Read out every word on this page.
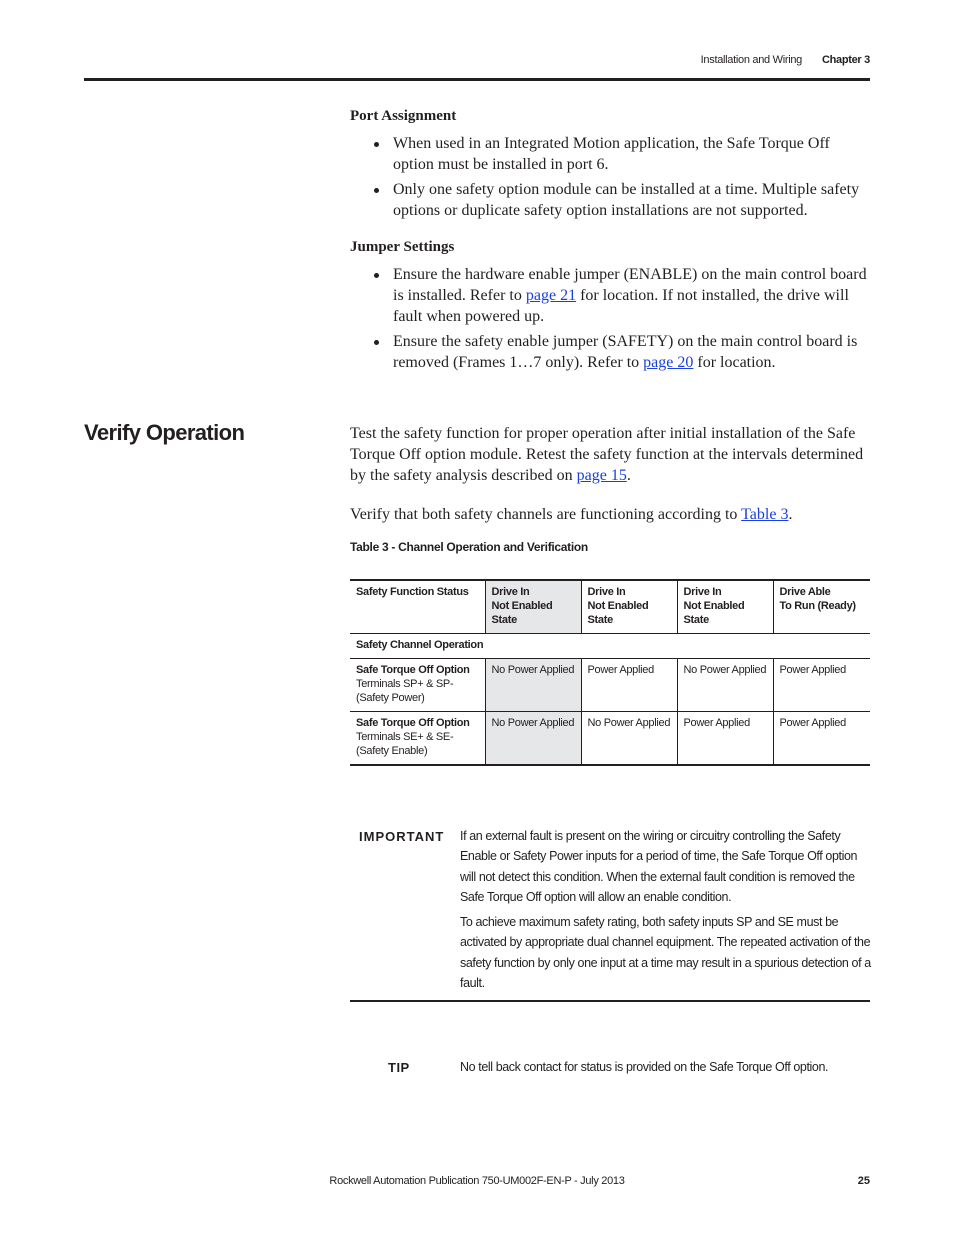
Installation and Wiring Chapter 3
Port Assignment
When used in an Integrated Motion application, the Safe Torque Off option must be installed in port 6.
Only one safety option module can be installed at a time. Multiple safety options or duplicate safety option installations are not supported.
Jumper Settings
Ensure the hardware enable jumper (ENABLE) on the main control board is installed. Refer to page 21 for location. If not installed, the drive will fault when powered up.
Ensure the safety enable jumper (SAFETY) on the main control board is removed (Frames 1…7 only). Refer to page 20 for location.
Verify Operation	Test the safety function for proper operation after initial installation of the Safe Torque Off option module. Retest the safety function at the intervals determined by the safety analysis described on page 15.

Verify that both safety channels are functioning according to Table 3.

Table 3 - Channel Operation and Verification
Safety Function Status	Drive In
Not Enabled
State	Drive In
Not Enabled
State	Drive In
Not Enabled
State	Drive Able
To Run (Ready)

Safety Channel Operation				

Safe Torque Off Option
Terminals SP+ & SP-
(Safety Power)	No Power Applied	Power Applied	No Power Applied	Power Applied

Safe Torque Off Option
Terminals SE+ & SE-
(Safety Enable)	No Power Applied	No Power Applied	Power Applied	Power Applied
IMPORTANT If an external fault is present on the wiring or circuitry controlling the Safety Enable or Safety Power inputs for a period of time, the Safe Torque Off option will not detect this condition. When the external fault condition is removed the Safe Torque Off option will allow an enable condition.

To achieve maximum safety rating, both safety inputs SP and SE must be activated by appropriate dual channel equipment. The repeated activation of the safety function by only one input at a time may result in a spurious detection of a fault.

TIP	No tell back contact for status is provided on the Safe Torque Off option.
Rockwell Automation Publication 750-UM002F-EN-P - July 2013	25
